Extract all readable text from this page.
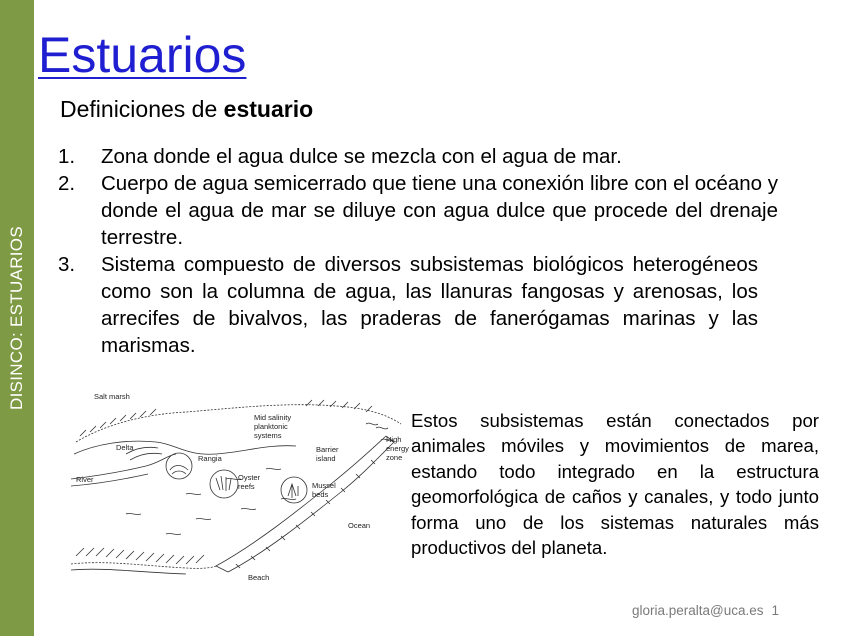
DISINCO: ESTUARIOS
Estuarios
Definiciones de estuario
1. Zona donde el agua dulce se mezcla con el agua de mar.
2. Cuerpo de agua semicerrado que tiene una conexión libre con el océano y donde el agua de mar se diluye con agua dulce que procede del drenaje terrestre.
3. Sistema compuesto de diversos subsistemas biológicos heterogéneos como son la columna de agua, las llanuras fangosas y arenosas, los arrecifes de bivalvos, las praderas de fanerógamas marinas y las marismas.
Salt marsh
Mid salinity
planktonic
systems
Delta
Rangia
Barrier
island
High
energy
zone
River	Oyster
reefs	Mussel
beds
Ocean
Beach
Estos subsistemas están conectados por animales móviles y movimientos de marea, estando todo integrado en la estructura geomorfológica de caños y canales, y todo junto forma uno de los sistemas naturales más productivos del planeta.
gloria.peralta@uca.es 1
